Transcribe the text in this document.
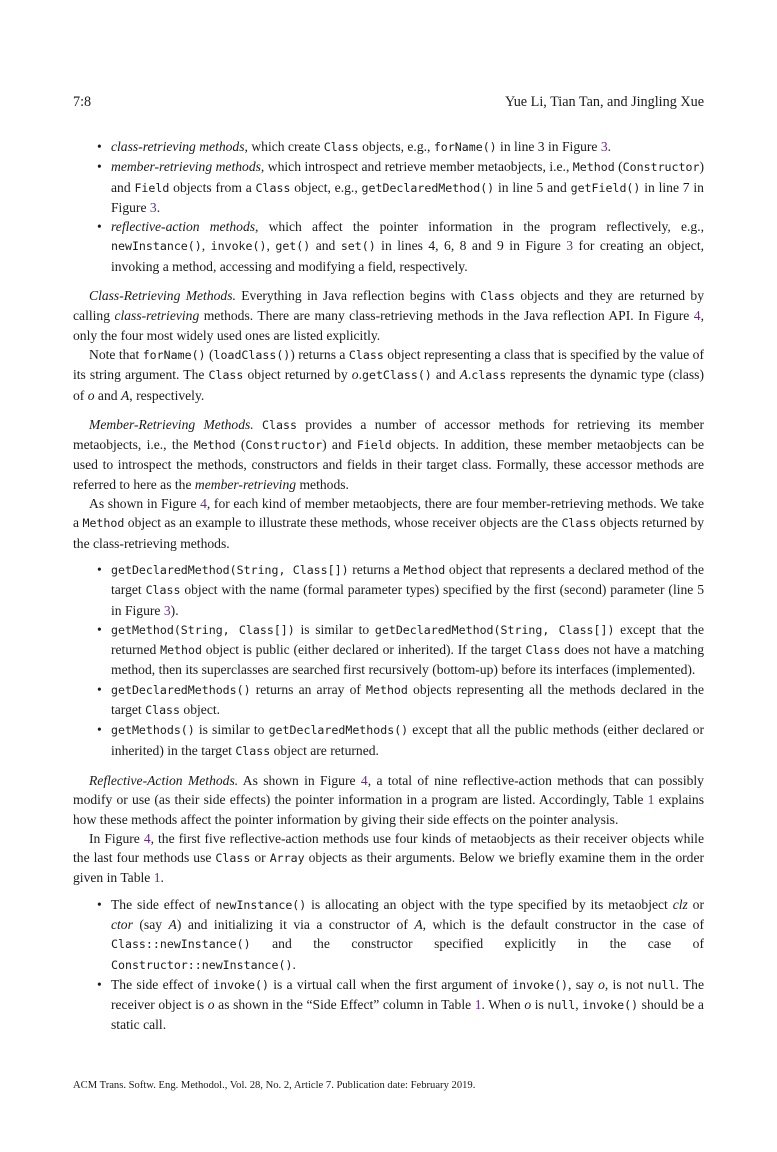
7:8	Yue Li, Tian Tan, and Jingling Xue
• class-retrieving methods, which create Class objects, e.g., forName() in line 3 in Figure 3.
• member-retrieving methods, which introspect and retrieve member metaobjects, i.e., Method (Constructor) and Field objects from a Class object, e.g., getDeclaredMethod() in line 5 and getField() in line 7 in Figure 3.
• reflective-action methods, which affect the pointer information in the program reflectively, e.g., newInstance(), invoke(), get() and set() in lines 4, 6, 8 and 9 in Figure 3 for creating an object, invoking a method, accessing and modifying a field, respectively.

Class-Retrieving Methods. Everything in Java reflection begins with Class objects and they are returned by calling class-retrieving methods. There are many class-retrieving methods in the Java reflection API. In Figure 4, only the four most widely used ones are listed explicitly.

Note that forName() (loadClass()) returns a Class object representing a class that is specified by the value of its string argument. The Class object returned by o.getClass() and A.class represents the dynamic type (class) of o and A, respectively.

Member-Retrieving Methods. Class provides a number of accessor methods for retrieving its member metaobjects, i.e., the Method (Constructor) and Field objects. In addition, these member metaobjects can be used to introspect the methods, constructors and fields in their target class. Formally, these accessor methods are referred to here as the member-retrieving methods.

As shown in Figure 4, for each kind of member metaobjects, there are four member-retrieving methods. We take a Method object as an example to illustrate these methods, whose receiver objects are the Class objects returned by the class-retrieving methods.

• getDeclaredMethod(String, Class[]) returns a Method object that represents a declared method of the target Class object with the name (formal parameter types) specified by the first (second) parameter (line 5 in Figure 3).
• getMethod(String, Class[]) is similar to getDeclaredMethod(String, Class[]) except that the returned Method object is public (either declared or inherited). If the target Class does not have a matching method, then its superclasses are searched first recursively (bottom-up) before its interfaces (implemented).
• getDeclaredMethods() returns an array of Method objects representing all the methods declared in the target Class object.
• getMethods() is similar to getDeclaredMethods() except that all the public methods (either declared or inherited) in the target Class object are returned.

Reflective-Action Methods. As shown in Figure 4, a total of nine reflective-action methods that can possibly modify or use (as their side effects) the pointer information in a program are listed. Accordingly, Table 1 explains how these methods affect the pointer information by giving their side effects on the pointer analysis.

In Figure 4, the first five reflective-action methods use four kinds of metaobjects as their receiver objects while the last four methods use Class or Array objects as their arguments. Below we briefly examine them in the order given in Table 1.

• The side effect of newInstance() is allocating an object with the type specified by its metaobject clz or ctor (say A) and initializing it via a constructor of A, which is the default constructor in the case of Class::newInstance() and the constructor specified explicitly in the case of Constructor::newInstance().
• The side effect of invoke() is a virtual call when the first argument of invoke(), say o, is not null. The receiver object is o as shown in the “Side Effect” column in Table 1. When o is null, invoke() should be a static call.
ACM Trans. Softw. Eng. Methodol., Vol. 28, No. 2, Article 7. Publication date: February 2019.
